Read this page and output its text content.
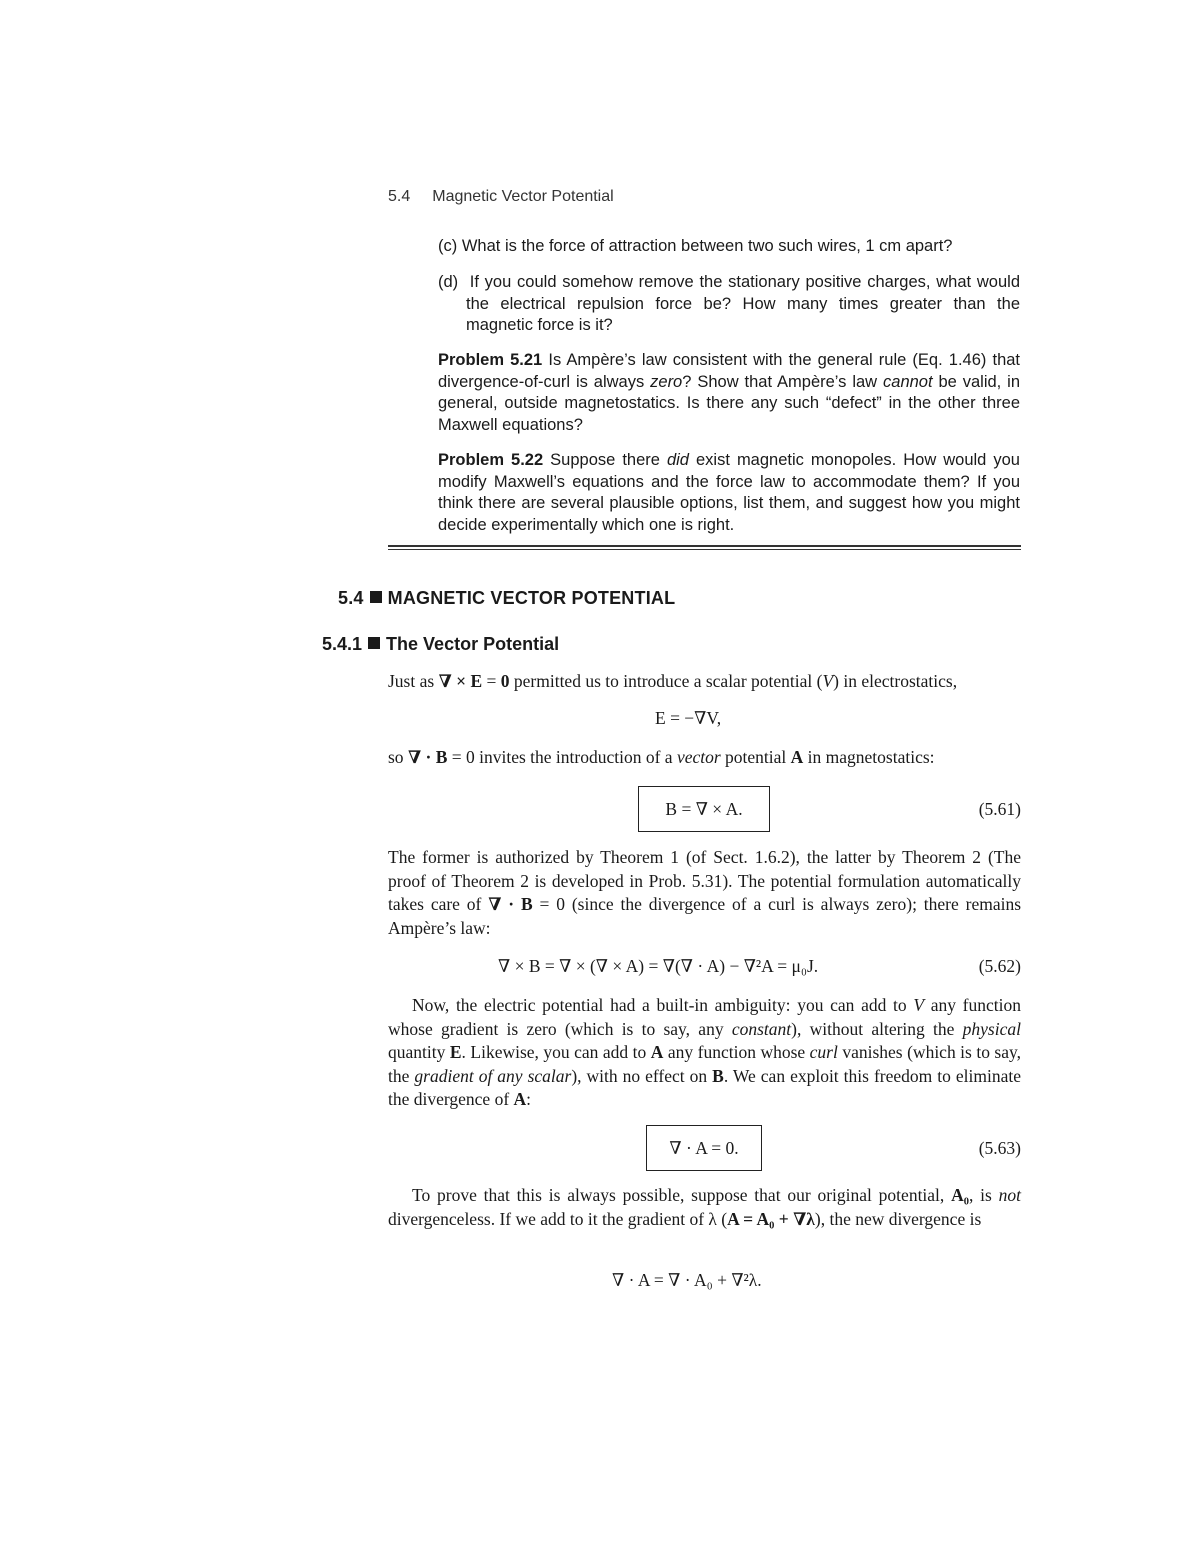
5.4 Magnetic Vector Potential
(c) What is the force of attraction between two such wires, 1 cm apart?
(d) If you could somehow remove the stationary positive charges, what would the electrical repulsion force be? How many times greater than the magnetic force is it?
Problem 5.21 Is Ampère’s law consistent with the general rule (Eq. 1.46) that divergence-of-curl is always zero? Show that Ampère’s law cannot be valid, in general, outside magnetostatics. Is there any such “defect” in the other three Maxwell equations?
Problem 5.22 Suppose there did exist magnetic monopoles. How would you modify Maxwell’s equations and the force law to accommodate them? If you think there are several plausible options, list them, and suggest how you might decide experimentally which one is right.
5.4 MAGNETIC VECTOR POTENTIAL
5.4.1 The Vector Potential
Just as ∇ × E = 0 permitted us to introduce a scalar potential (V) in electrostatics,
E = −∇V,
so ∇ · B = 0 invites the introduction of a vector potential A in magnetostatics:
B = ∇ × A.	(5.61)
The former is authorized by Theorem 1 (of Sect. 1.6.2), the latter by Theorem 2 (The proof of Theorem 2 is developed in Prob. 5.31). The potential formulation automatically takes care of ∇ · B = 0 (since the divergence of a curl is always zero); there remains Ampère’s law:
∇ × B = ∇ × (∇ × A) = ∇(∇ · A) − ∇²A = μ₀J.	(5.62)
Now, the electric potential had a built-in ambiguity: you can add to V any function whose gradient is zero (which is to say, any constant), without altering the physical quantity E. Likewise, you can add to A any function whose curl vanishes (which is to say, the gradient of any scalar), with no effect on B. We can exploit this freedom to eliminate the divergence of A:
∇ · A = 0.	(5.63)
To prove that this is always possible, suppose that our original potential, A₀, is not divergenceless. If we add to it the gradient of λ (A = A₀ + ∇λ), the new divergence is
∇ · A = ∇ · A₀ + ∇²λ.
